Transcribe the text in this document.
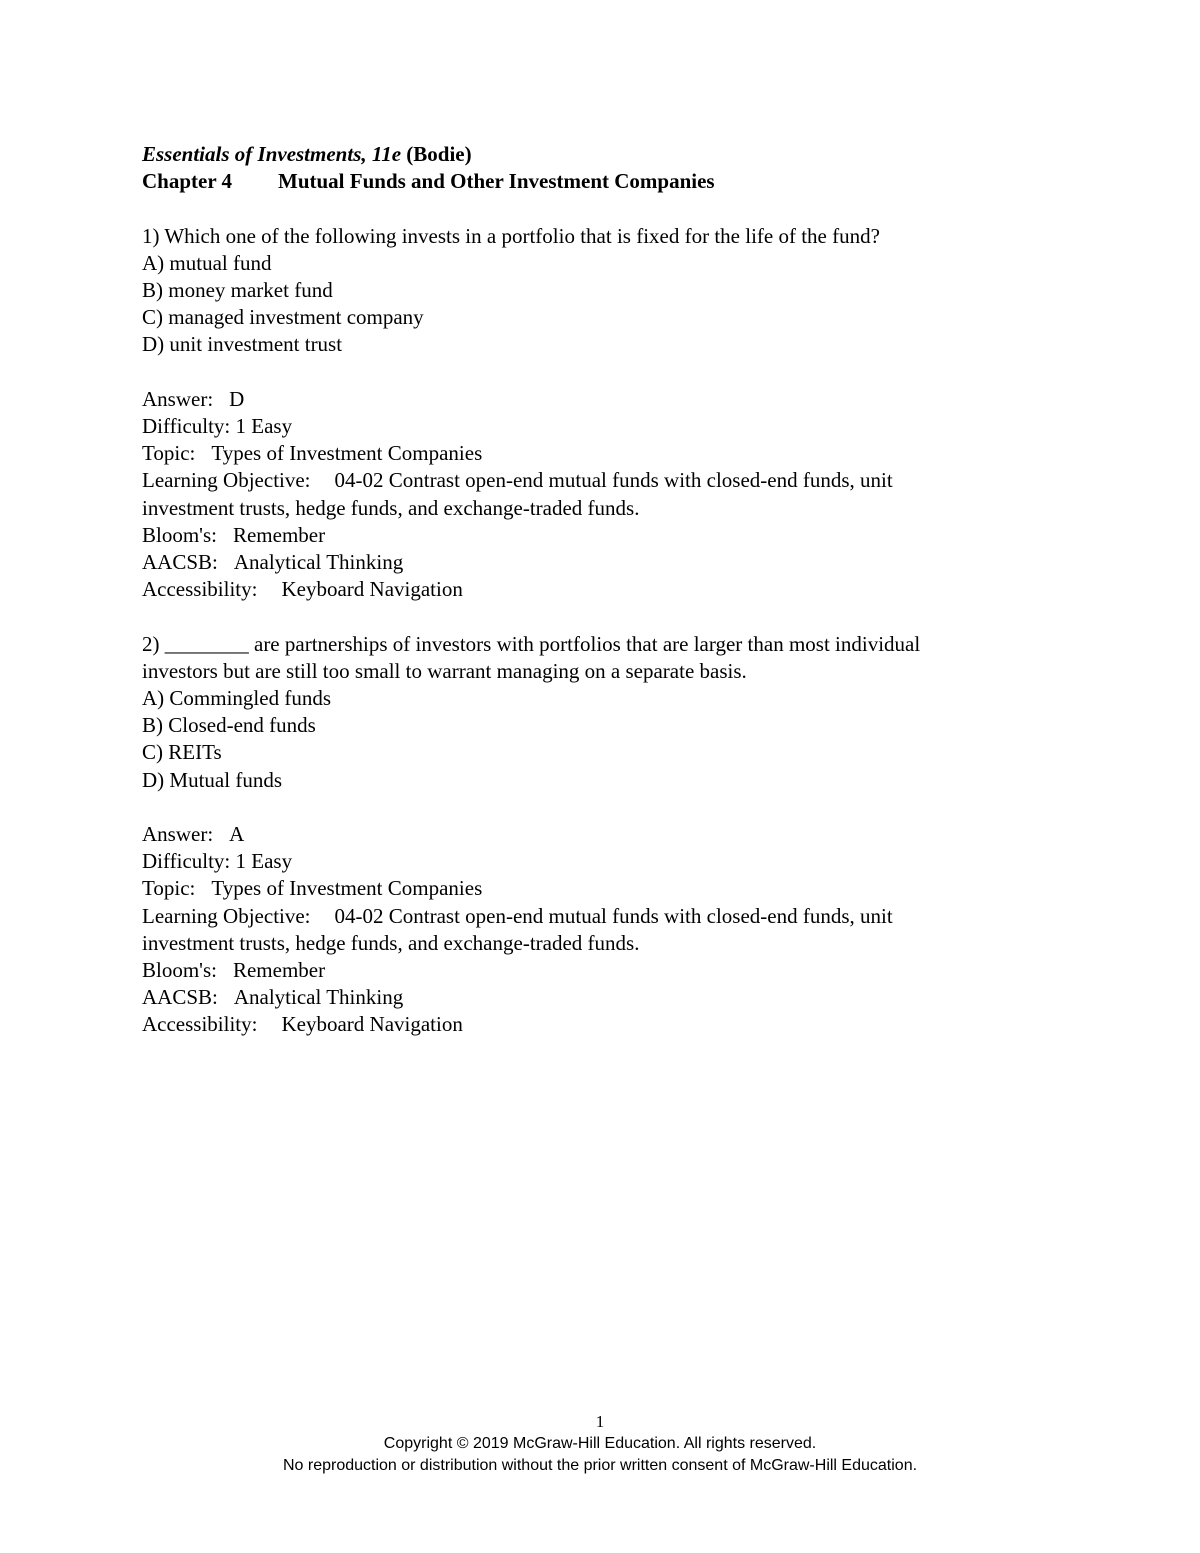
Essentials of Investments, 11e (Bodie)
Chapter 4 Mutual Funds and Other Investment Companies
1) Which one of the following invests in a portfolio that is fixed for the life of the fund?
A) mutual fund
B) money market fund
C) managed investment company
D) unit investment trust
Answer: D
Difficulty: 1 Easy
Topic: Types of Investment Companies
Learning Objective: 04-02 Contrast open-end mutual funds with closed-end funds, unit
investment trusts, hedge funds, and exchange-traded funds.
Bloom's: Remember
AACSB: Analytical Thinking
Accessibility: Keyboard Navigation
2) ________ are partnerships of investors with portfolios that are larger than most individual
investors but are still too small to warrant managing on a separate basis.
A) Commingled funds
B) Closed-end funds
C) REITs
D) Mutual funds
Answer: A
Difficulty: 1 Easy
Topic: Types of Investment Companies
Learning Objective: 04-02 Contrast open-end mutual funds with closed-end funds, unit
investment trusts, hedge funds, and exchange-traded funds.
Bloom's: Remember
AACSB: Analytical Thinking
Accessibility: Keyboard Navigation
1
Copyright © 2019 McGraw-Hill Education. All rights reserved.
No reproduction or distribution without the prior written consent of McGraw-Hill Education.
